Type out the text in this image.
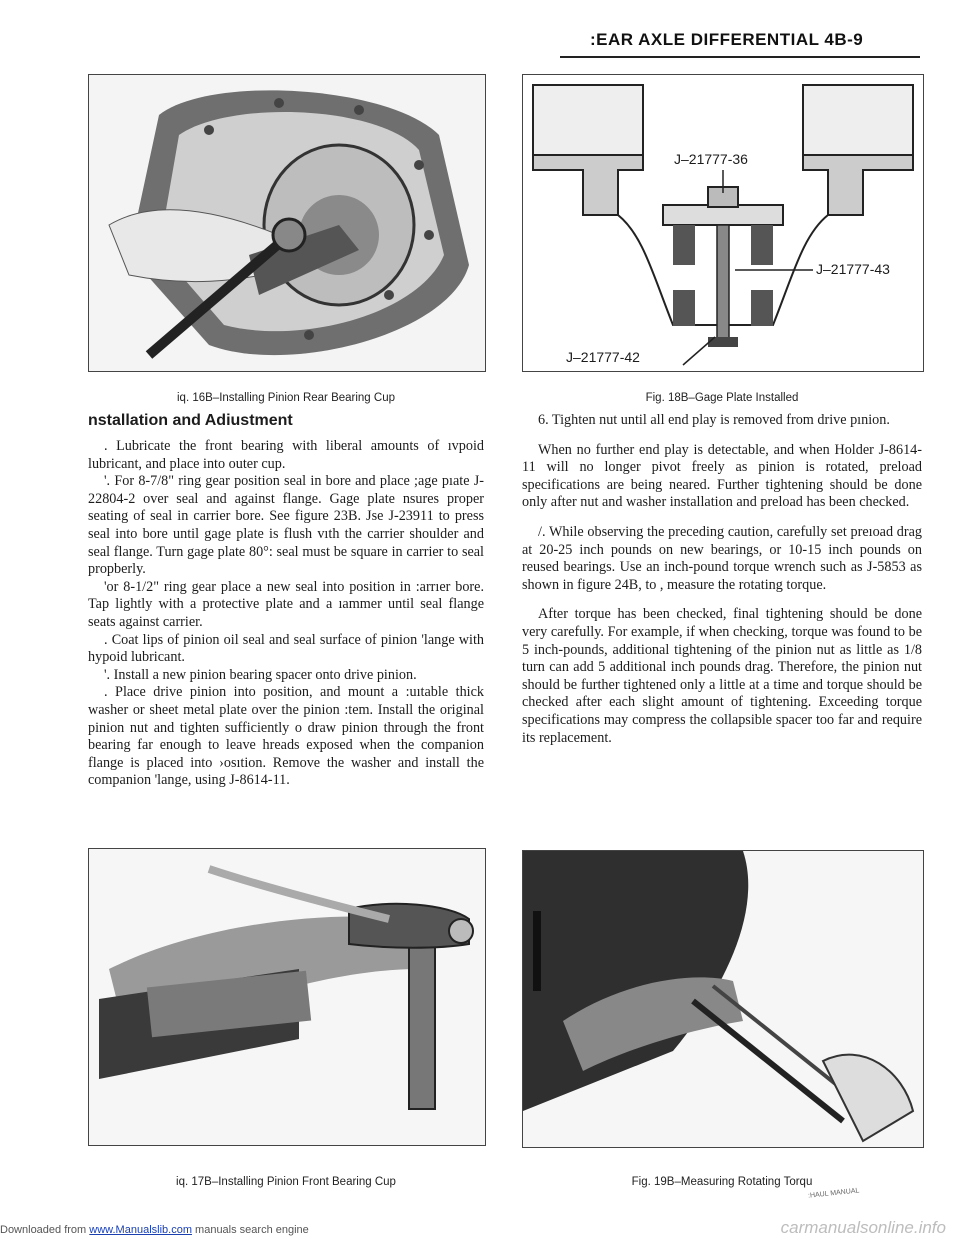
:EAR AXLE DIFFERENTIAL 4B-9
iq. 16B–Installing Pinion Rear Bearing Cup
J–21777-36
J–21777-43
J–21777-42
Fig. 18B–Gage Plate Installed
nstallation and Adiustment

. Lubricate the front bearing with liberal amounts of ıvpoid lubricant, and place into outer cup.

'. For 8-7/8" ring gear position seal in bore and place ;age pıate J-22804-2 over seal and against flange. Gage plate nsures proper seating of seal in carrier bore. See figure 23B. Jse J-23911 to press seal into bore until gage plate is flush vıth the carrier shoulder and seal flange. Turn gage plate 80°: seal must be square in carrier to seal propberly.

'or 8-1/2" ring gear place a new seal into position in :arrıer bore. Tap lightly with a protective plate and a ıammer until seal flange seats against carrier.

. Coat lips of pinion oil seal and seal surface of pinion 'lange with hypoid lubricant.

'. Install a new pinion bearing spacer onto drive pinion.

. Place drive pinion into position, and mount a :uıtable thick washer or sheet metal plate over the pinion :tem. Install the original pinion nut and tighten sufficiently o draw pinion through the front bearing far enough to leave hreads exposed when the companion flange is placed into ›osıtion. Remove the washer and install the companion 'lange, using J-8614-11.

6. Tighten nut until all end play is removed from drive pınion.

When no further end play is detectable, and when Holder J-8614-11 will no longer pivot freely as pinion is rotated, preload specifications are being neared. Further tightening should be done only after nut and washer installation and preload has been checked.

/. While observing the preceding caution, carefully set preıoad drag at 20-25 inch pounds on new bearings, or 10-15 inch pounds on reused bearings. Use an inch-pound torque wrench such as J-5853 as shown in figure 24B, to , measure the rotating torque.

After torque has been checked, final tightening should be done very carefully. For example, if when checking, torque was found to be 5 inch-pounds, additional tightening of the pinion nut as little as 1/8 turn can add 5 additional inch pounds drag. Therefore, the pinion nut should be further tightened only a little at a time and torque should be checked after each slight amount of tightening. Exceeding torque specifications may compress the collapsible spacer too far and require its replacement.

iq. 17B–Installing Pinion Front Bearing Cup	Fig. 19B–Measuring Rotating Torqu
:HAUL MANUAL
Downloaded from www.Manualslib.com manuals search engine	carmanualsonline.info
